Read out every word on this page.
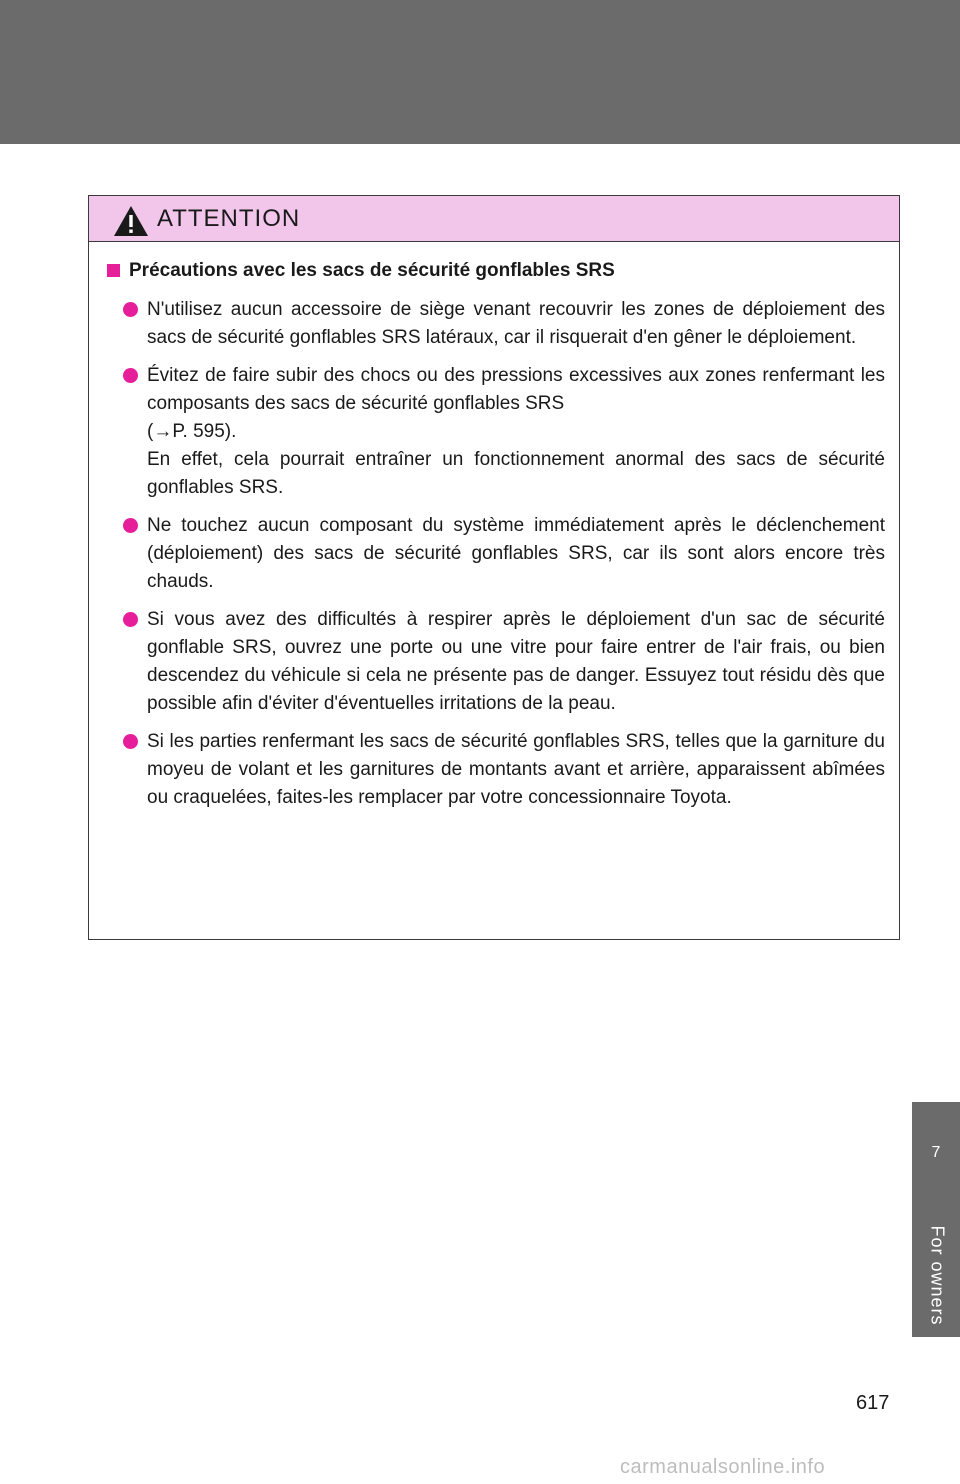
ATTENTION
Précautions avec les sacs de sécurité gonflables SRS

N'utilisez aucun accessoire de siège venant recouvrir les zones de déploiement des sacs de sécurité gonflables SRS latéraux, car il risquerait d'en gêner le déploiement.

Évitez de faire subir des chocs ou des pressions excessives aux zones renfermant les composants des sacs de sécurité gonflables SRS

(→P. 595).

En effet, cela pourrait entraîner un fonctionnement anormal des sacs de sécurité gonflables SRS.

Ne touchez aucun composant du système immédiatement après le déclenchement (déploiement) des sacs de sécurité gonflables SRS, car ils sont alors encore très chauds.

Si vous avez des difficultés à respirer après le déploiement d'un sac de sécurité gonflable SRS, ouvrez une porte ou une vitre pour faire entrer de l'air frais, ou bien descendez du véhicule si cela ne présente pas de danger. Essuyez tout résidu dès que possible afin d'éviter d'éventuelles irritations de la peau.

Si les parties renfermant les sacs de sécurité gonflables SRS, telles que la garniture du moyeu de volant et les garnitures de montants avant et arrière, apparaissent abîmées ou craquelées, faites-les remplacer par votre concessionnaire Toyota.

7
For owners
617
carmanualsonline.info
